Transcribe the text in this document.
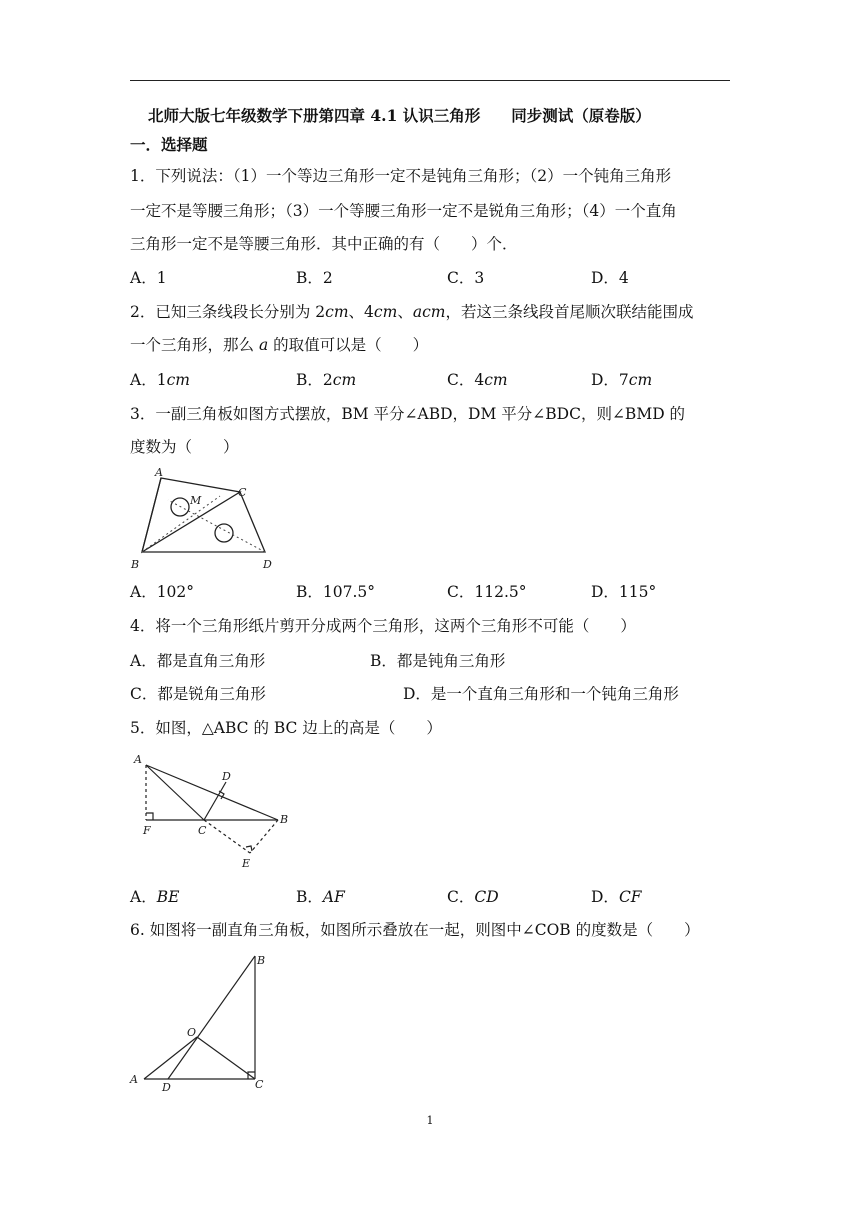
北师大版七年级数学下册第四章 4.1 认识三角形　　同步测试（原卷版）
一．选择题
1．下列说法：（1）一个等边三角形一定不是钝角三角形；（2）一个钝角三角形
一定不是等腰三角形；（3）一个等腰三角形一定不是锐角三角形；（4）一个直角
三角形一定不是等腰三角形．其中正确的有（　　）个．
A．1	B．2	C．3	D．4
2．已知三条线段长分别为 2cm、4cm、acm，若这三条线段首尾顺次联结能围成
一个三角形，那么 a 的取值可以是（　　）
A．1cm	B．2cm	C．4cm	D．7cm
3．一副三角板如图方式摆放，BM 平分∠ABD，DM 平分∠BDC，则∠BMD 的
度数为（　　）
A
M
C
B	D
A．102°	B．107.5°	C．112.5°	D．115°
4．将一个三角形纸片剪开分成两个三角形，这两个三角形不可能（　　）
A．都是直角三角形	B．都是钝角三角形
C．都是锐角三角形	D．是一个直角三角形和一个钝角三角形
5．如图，△ABC 的 BC 边上的高是（　　）
A
D
F	C
B
E
A．BE	B．AF	C．CD	D．CF
6. 如图将一副直角三角板，如图所示叠放在一起，则图中∠COB 的度数是（　　）
B
O
A
D	C
1
